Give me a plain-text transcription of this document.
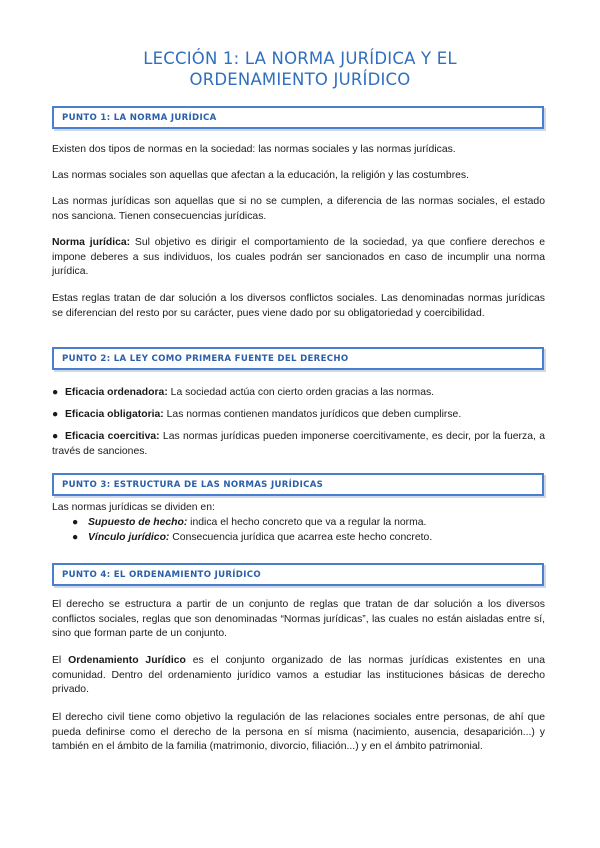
LECCIÓN 1: LA NORMA JURÍDICA Y EL
ORDENAMIENTO JURÍDICO
PUNTO 1: LA NORMA JURÍDICA

Existen dos tipos de normas en la sociedad: las normas sociales y las normas jurídicas.

Las normas sociales son aquellas que afectan a la educación, la religión y las costumbres.

Las normas jurídicas son aquellas que si no se cumplen, a diferencia de las normas sociales, el estado nos sanciona. Tienen consecuencias jurídicas.

Norma jurídica: Sul objetivo es dirigir el comportamiento de la sociedad, ya que confiere derechos e impone deberes a sus individuos, los cuales podrán ser sancionados en caso de incumplir una norma jurídica.

Estas reglas tratan de dar solución a los diversos conflictos sociales. Las denominadas normas jurídicas se diferencian del resto por su carácter, pues viene dado por su obligatoriedad y coercibilidad.

PUNTO 2: LA LEY COMO PRIMERA FUENTE DEL DERECHO
● Eficacia ordenadora: La sociedad actúa con cierto orden gracias a las normas.
● Eficacia obligatoria: Las normas contienen mandatos jurídicos que deben cumplirse.
● Eficacia coercitiva: Las normas jurídicas pueden imponerse coercitivamente, es decir, por la fuerza, a través de sanciones.
PUNTO 3: ESTRUCTURA DE LAS NORMAS JURÍDICAS

Las normas jurídicas se dividen en:

● Supuesto de hecho: indica el hecho concreto que va a regular la norma.
● Vínculo jurídico: Consecuencia jurídica que acarrea este hecho concreto.
PUNTO 4: EL ORDENAMIENTO JURÍDICO

El derecho se estructura a partir de un conjunto de reglas que tratan de dar solución a los diversos conflictos sociales, reglas que son denominadas “Normas jurídicas”, las cuales no están aisladas entre sí, sino que forman parte de un conjunto.

El Ordenamiento Jurídico es el conjunto organizado de las normas jurídicas existentes en una comunidad. Dentro del ordenamiento jurídico vamos a estudiar las instituciones básicas de derecho privado.

El derecho civil tiene como objetivo la regulación de las relaciones sociales entre personas, de ahí que pueda definirse como el derecho de la persona en sí misma (nacimiento, ausencia, desaparición...) y también en el ámbito de la familia (matrimonio, divorcio, filiación...) y en el ámbito patrimonial.
